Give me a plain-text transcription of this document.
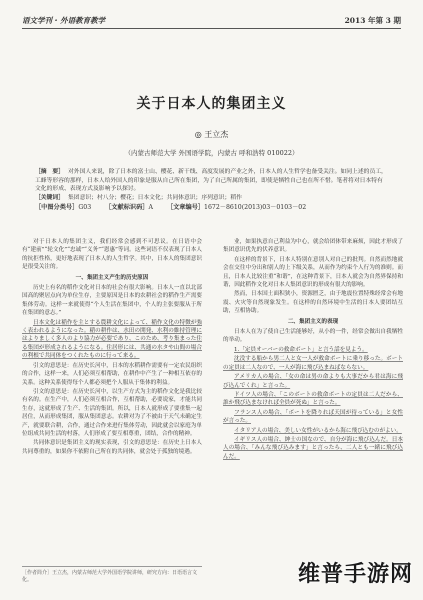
语文学刊 · 外语教育教学	2013 年第 3 期
关于日本人的集团主义
◎ 王立杰
（内蒙古师范大学 外国语学院，内蒙古 呼和浩特 010022）
［摘　要］ 对外国人来说，除了日本的富士山、樱花、新干线、高度发展的产业之外，日本人的人生哲学也备受关注。如同上述的员工，工蜂等形容的那样，日本人给外国人的印象是服从自己所在集团，为了自己所属的集团，即使是牺牲自己也在所不惜。笔者将对日本特有文化的形成、表现方式及影响予以探讨。
［关键词］ 集团意识；村八分；樱花；日本文化；共同体意识；序列意识；稻作
［中图分类号］G03 ［文献标识码］A ［文章编号］1672－8610(2013)03－0103－02

对于日本人的集团主义，我们经常会感到不可思议。在日语中会有“建前”“轮文化”“忠诚”“义务”“恩惠”等词。这些词语不仅表现了日本人的抗拒性格，更好地表现了日本人的人生哲学。其中，日本人的集团意识是很受关注的。

一、集团主义产生的历史原因

历史上有名的稻作文化对日本的社会有很大影响。日本人一直以北部国高的聚居点向为单位生存，主要原因是日本的农耕社会的稻作生产需要集体劳动。这样一来就使得“个人生活在集团中，个人的主张要服从于所在集团的意志。”

日本文化は稲作を主とする農耕文化によって、稲作文化の特徴が強く表われるようになった。稲の耕作は、水田の開発、水利の維持管理にはよりましく多人のより協力が必要であり、このため、考り集まった住る集団が形成されるようになる。住居形には、共通の水タや山間の場合の利根で共同体をつくれたものに行って来る。

引文的意思是：在历史长河中，日本的水稻耕作需要有一定农民组织的合作，这样一来，人们必须互相帮助，在耕作中产生了一种相互依存的关系。这种关系使得每个人都必须把个人服从于集体的利益。

引文的意思是：在历史长河中，以生产方式为主的稻作文化是我比较有名的。在生产中，人们必须互相合作，互相帮助，必要说家，才能共同生存，这就形成了生产、生活的集团。所以，日本人就形成了要重集一起居住，从而形成集团，服从集团意志。农耕对为了不被由于天气未确定生产，就要联合耕，合作，通过合作来进行集体劳动，因此就会以家庭为单位组成共同生活的村落，人们形成了要互相尊重，团结，合作的精神。

共同体意识是集团主义的现实表现，引文的意思是：在历史上日本人共同尊重的，如果你不依附自己所在的共同体，就会处于孤独的境遇。

业，如果执意自己利益为中心，就会给团体带来麻烦，因此才形成了集团意识优先的伏养意识。

在这样的背景下，日本人特别在意别人对自己的批判。自然而然地就会在交往中分出和别人的上下级关系，从而作为约束个人行为的准则。而且，日本人比较注重“和谐”，在这种背景下，日本人就会为自然界保持和谐，因此稻作文化对日本人集团意识的形成有很大的影响。

然而，日本国土面积狭小，资源匮乏，由于地震位置特殊经常会有地震、火灾等自然现象发生。在这样的自然环境中生活的日本人要团结互助，互相协助。

二、集团主义的表现

日本人在为了使自己生活能够好，从小的一件，经常会做出自我牺牲的举动。

1.「定員オーバーの救命ボート」と言う話を見よう。

沈没する船から男二人と女一人が救命ボートに乗り移った。ボートの定員は二人なので、一人が海に飛び込まねばならない。

アメリカ人の場合、「女の命は男の命よりも大事だから君は海に飛び込んでくれ」と言った。

ドイツ人の場合、「このボートの救命ボートの定員は二人だから、誰か飛び込まなければ全員が死ぬ」と言った。

フランス人の場合、「ボートを降りれば天国が待っている」と女性が言った。

イタリア人の場合、美しい女性がいるから海に飛び込むのがよい。

イギリス人の場合、紳士の国なので、自分が海に飛び込んだ。日本人の場合、「みんな飛び込みます」と言ったら、二人とも一緒に飛び込んだ。

［作者简介］王立杰，内蒙古师范大学外国语学院讲师，研究方向：日语语言文化。	维普手游网
